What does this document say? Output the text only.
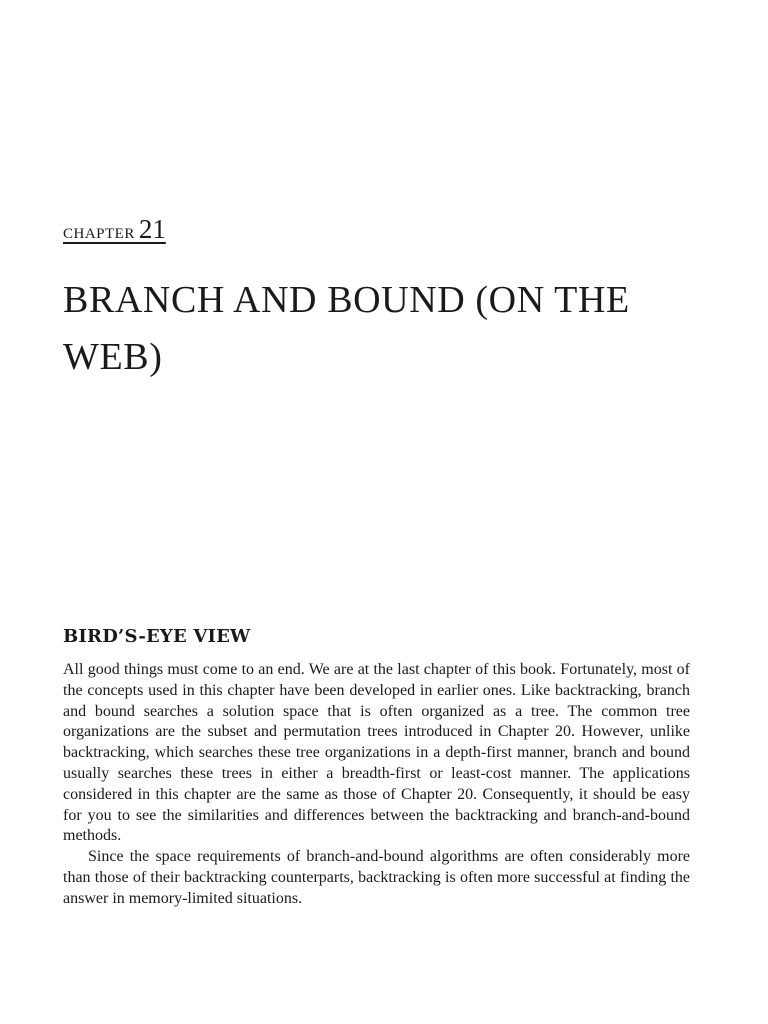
chapter 21
BRANCH AND BOUND (ON THE WEB)
BIRD’S-EYE VIEW

All good things must come to an end. We are at the last chapter of this book. Fortunately, most of the concepts used in this chapter have been developed in earlier ones. Like backtracking, branch and bound searches a solution space that is often organized as a tree. The common tree organizations are the subset and permutation trees introduced in Chapter 20. However, unlike backtracking, which searches these tree organizations in a depth-first manner, branch and bound usually searches these trees in either a breadth-first or least-cost manner. The applications considered in this chapter are the same as those of Chapter 20. Consequently, it should be easy for you to see the similarities and differences between the backtracking and branch-and-bound methods.

Since the space requirements of branch-and-bound algorithms are often considerably more than those of their backtracking counterparts, backtracking is often more successful at finding the answer in memory-limited situations.
